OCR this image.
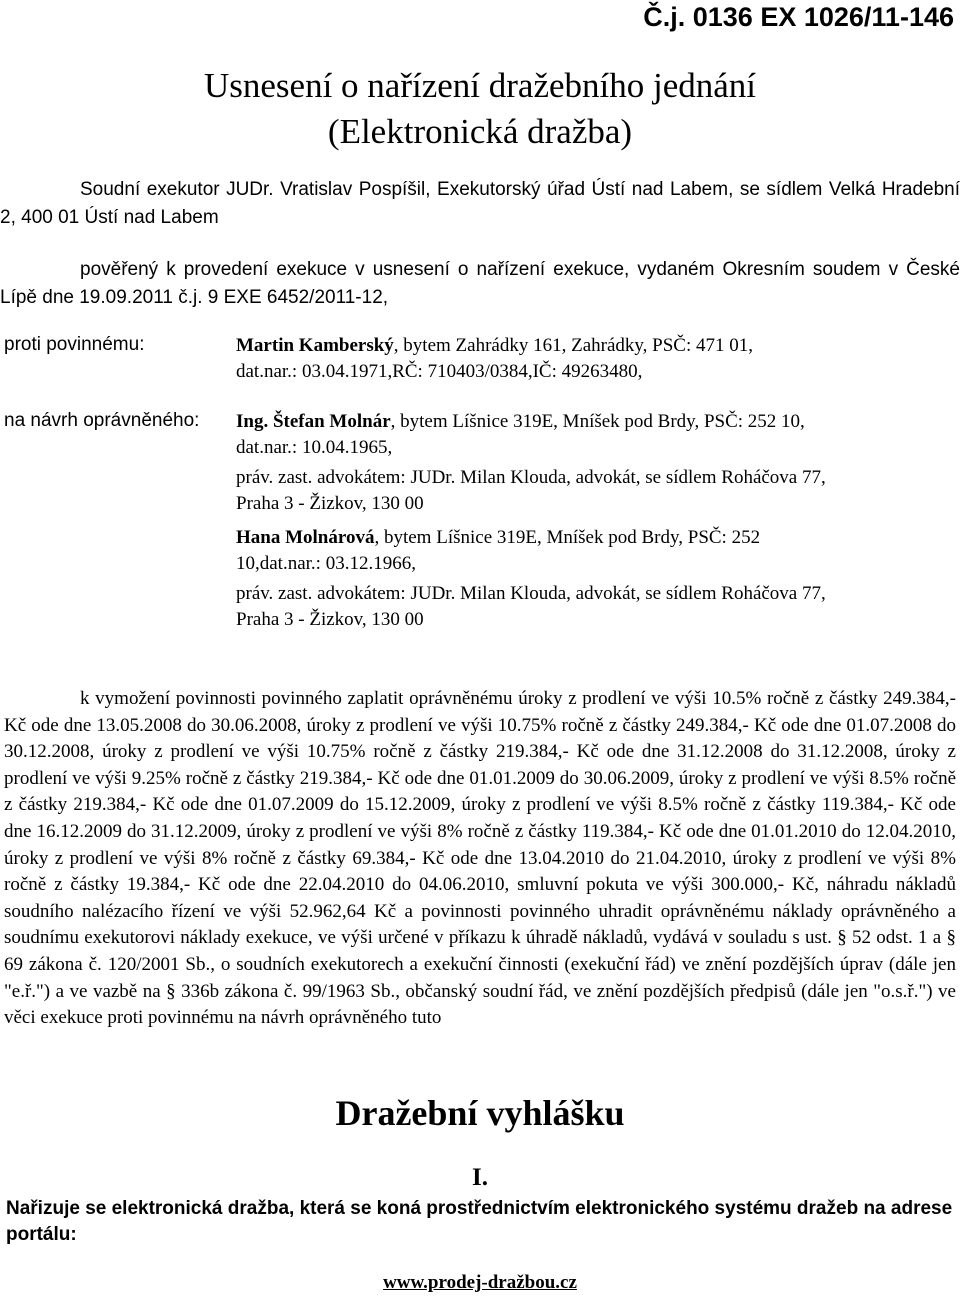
Č.j. 0136 EX 1026/11-146
Usnesení o nařízení dražebního jednání
(Elektronická dražba)
Soudní exekutor JUDr. Vratislav Pospíšil, Exekutorský úřad Ústí nad Labem, se sídlem Velká Hradební 2, 400 01 Ústí nad Labem
pověřený k provedení exekuce v usnesení o nařízení exekuce, vydaném Okresním soudem v České Lípě dne 19.09.2011 č.j. 9 EXE 6452/2011-12,
proti povinnému:	Martin Kamberský, bytem Zahrádky 161, Zahrádky, PSČ: 471 01,
dat.nar.: 03.04.1971,RČ: 710403/0384,IČ: 49263480,
na návrh oprávněného: Ing. Štefan Molnár, bytem Líšnice 319E, Mníšek pod Brdy, PSČ: 252 10,
dat.nar.: 10.04.1965,
práv. zast. advokátem: JUDr. Milan Klouda, advokát, se sídlem Roháčova 77,
Praha 3 - Žizkov, 130 00
Hana Molnárová, bytem Líšnice 319E, Mníšek pod Brdy, PSČ: 252
10,dat.nar.: 03.12.1966,
práv. zast. advokátem: JUDr. Milan Klouda, advokát, se sídlem Roháčova 77,
Praha 3 - Žizkov, 130 00
k vymožení povinnosti povinného zaplatit oprávněnému úroky z prodlení ve výši 10.5% ročně z částky 249.384,- Kč ode dne 13.05.2008 do 30.06.2008, úroky z prodlení ve výši 10.75% ročně z částky 249.384,- Kč ode dne 01.07.2008 do 30.12.2008, úroky z prodlení ve výši 10.75% ročně z částky 219.384,- Kč ode dne 31.12.2008 do 31.12.2008, úroky z prodlení ve výši 9.25% ročně z částky 219.384,- Kč ode dne 01.01.2009 do 30.06.2009, úroky z prodlení ve výši 8.5% ročně z částky 219.384,- Kč ode dne 01.07.2009 do 15.12.2009, úroky z prodlení ve výši 8.5% ročně z částky 119.384,- Kč ode dne 16.12.2009 do 31.12.2009, úroky z prodlení ve výši 8% ročně z částky 119.384,- Kč ode dne 01.01.2010 do 12.04.2010, úroky z prodlení ve výši 8% ročně z částky 69.384,- Kč ode dne 13.04.2010 do 21.04.2010, úroky z prodlení ve výši 8% ročně z částky 19.384,- Kč ode dne 22.04.2010 do 04.06.2010, smluvní pokuta ve výši 300.000,- Kč, náhradu nákladů soudního nalézacího řízení ve výši 52.962,64 Kč a povinnosti povinného uhradit oprávněnému náklady oprávněného a soudnímu exekutorovi náklady exekuce, ve výši určené v příkazu k úhradě nákladů, vydává v souladu s ust. § 52 odst. 1 a § 69 zákona č. 120/2001 Sb., o soudních exekutorech a exekuční činnosti (exekuční řád) ve znění pozdějších úprav (dále jen "e.ř.") a ve vazbě na § 336b zákona č. 99/1963 Sb., občanský soudní řád, ve znění pozdějších předpisů (dále jen "o.s.ř.") ve věci exekuce proti povinnému na návrh oprávněného tuto
Dražební vyhlášku
I.
Nařizuje se elektronická dražba, která se koná prostřednictvím elektronického systému dražeb na adrese portálu:
www.prodej-dražbou.cz
